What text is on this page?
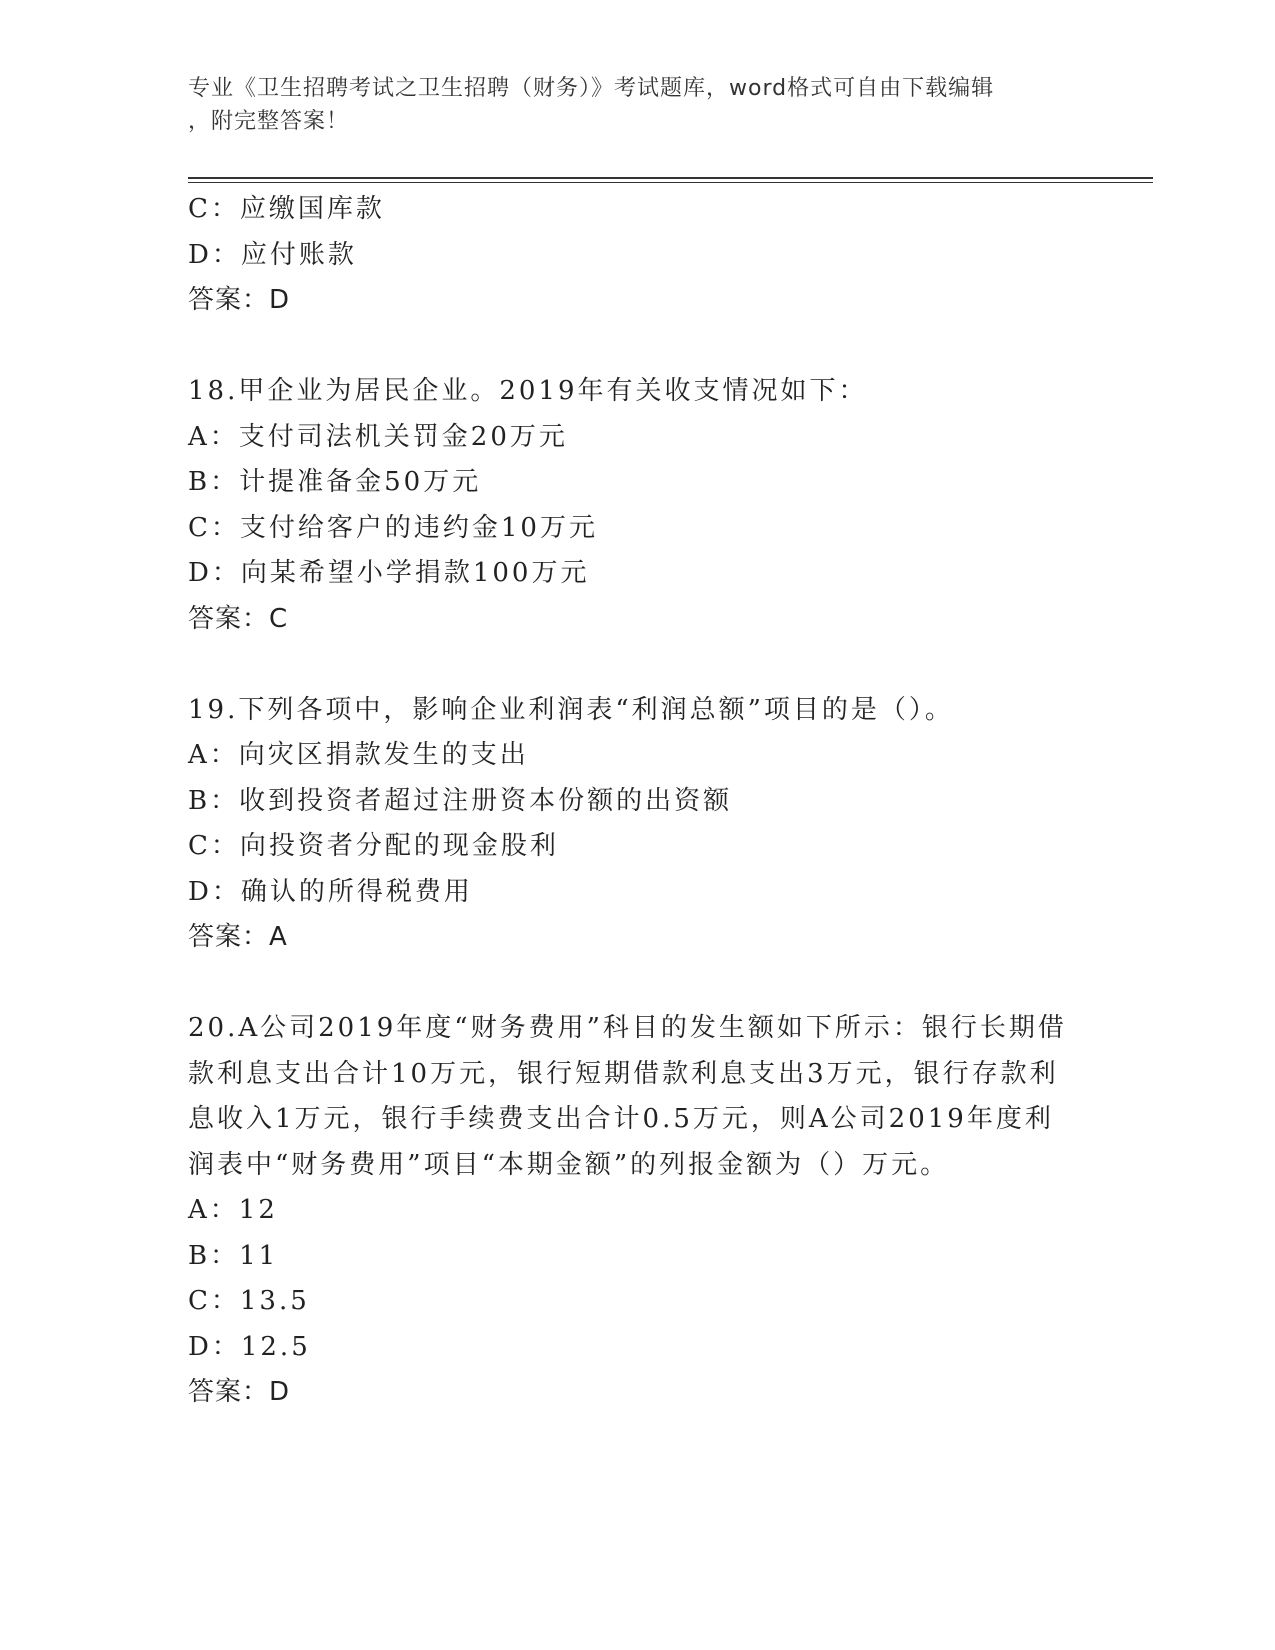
专业《卫生招聘考试之卫生招聘（财务）》考试题库，word格式可自由下载编辑
，附完整答案！
C：应缴国库款
D：应付账款
答案：D
18.甲企业为居民企业。2019年有关收支情况如下：
A：支付司法机关罚金20万元
B：计提准备金50万元
C：支付给客户的违约金10万元
D：向某希望小学捐款100万元
答案：C
19.下列各项中，影响企业利润表“利润总额”项目的是（）。
A：向灾区捐款发生的支出
B：收到投资者超过注册资本份额的出资额
C：向投资者分配的现金股利
D：确认的所得税费用
答案：A
20.A公司2019年度“财务费用”科目的发生额如下所示：银行长期借
款利息支出合计10万元，银行短期借款利息支出3万元，银行存款利
息收入1万元，银行手续费支出合计0.5万元，则A公司2019年度利
润表中“财务费用”项目“本期金额”的列报金额为（）万元。
A：12
B：11
C：13.5
D：12.5
答案：D
